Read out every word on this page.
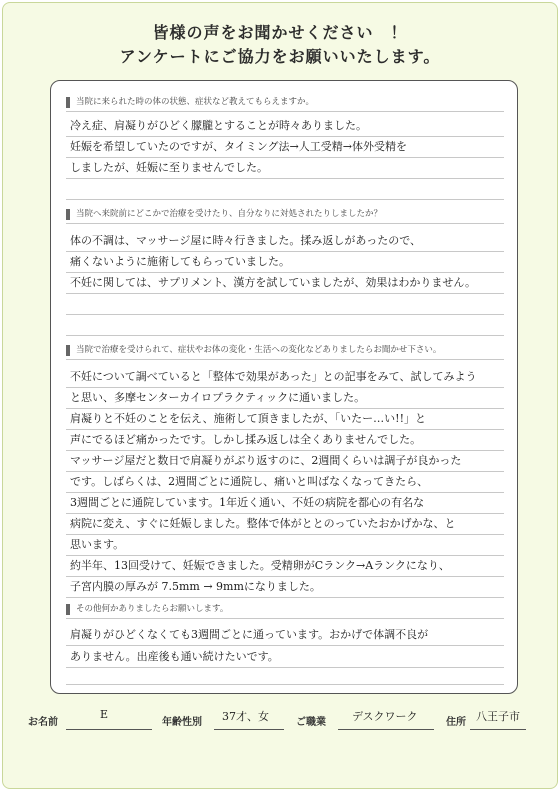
皆様の声をお聞かせください　！
アンケートにご協力をお願いいたします。
当院に来られた時の体の状態、症状など教えてもらえますか。
冷え症、肩凝りがひどく朦朧とすることが時々ありました。
妊娠を希望していたのですが、タイミング法→人工受精→体外受精を
しましたが、妊娠に至りませんでした。
当院へ来院前にどこかで治療を受けたり、自分なりに対処されたりしましたか？
体の不調は、マッサージ屋に時々行きました。揉み返しがあったので、
痛くないように施術してもらっていました。
不妊に関しては、サプリメント、漢方を試していましたが、効果はわかりません。
当院で治療を受けられて、症状やお体の変化・生活への変化などありましたらお聞かせ下さい。
不妊について調べていると「整体で効果があった」との記事をみて、試してみよう
と思い、多摩センターカイロプラクティックに通いました。
肩凝りと不妊のことを伝え、施術して頂きましたが、「いたー…い!!」と
声にでるほど痛かったです。しかし揉み返しは全くありませんでした。
マッサージ屋だと数日で肩凝りがぶり返すのに、2週間くらいは調子が良かった
です。しばらくは、2週間ごとに通院し、痛いと叫ばなくなってきたら、
3週間ごとに通院しています。1年近く通い、不妊の病院を都心の有名な
病院に変え、すぐに妊娠しました。整体で体がととのっていたおかげかな、と
思います。
約半年、13回受けて、妊娠できました。受精卵がCランク→Aランクになり、
子宮内膜の厚みが 7.5mm → 9mmになりました。
その他何かありましたらお願いします。
肩凝りがひどくなくても3週間ごとに通っています。おかげで体調不良が
ありません。出産後も通い続けたいです。
お名前
E
年齢性別 37才、女	ご職業 デスクワーク	住所 八王子市
